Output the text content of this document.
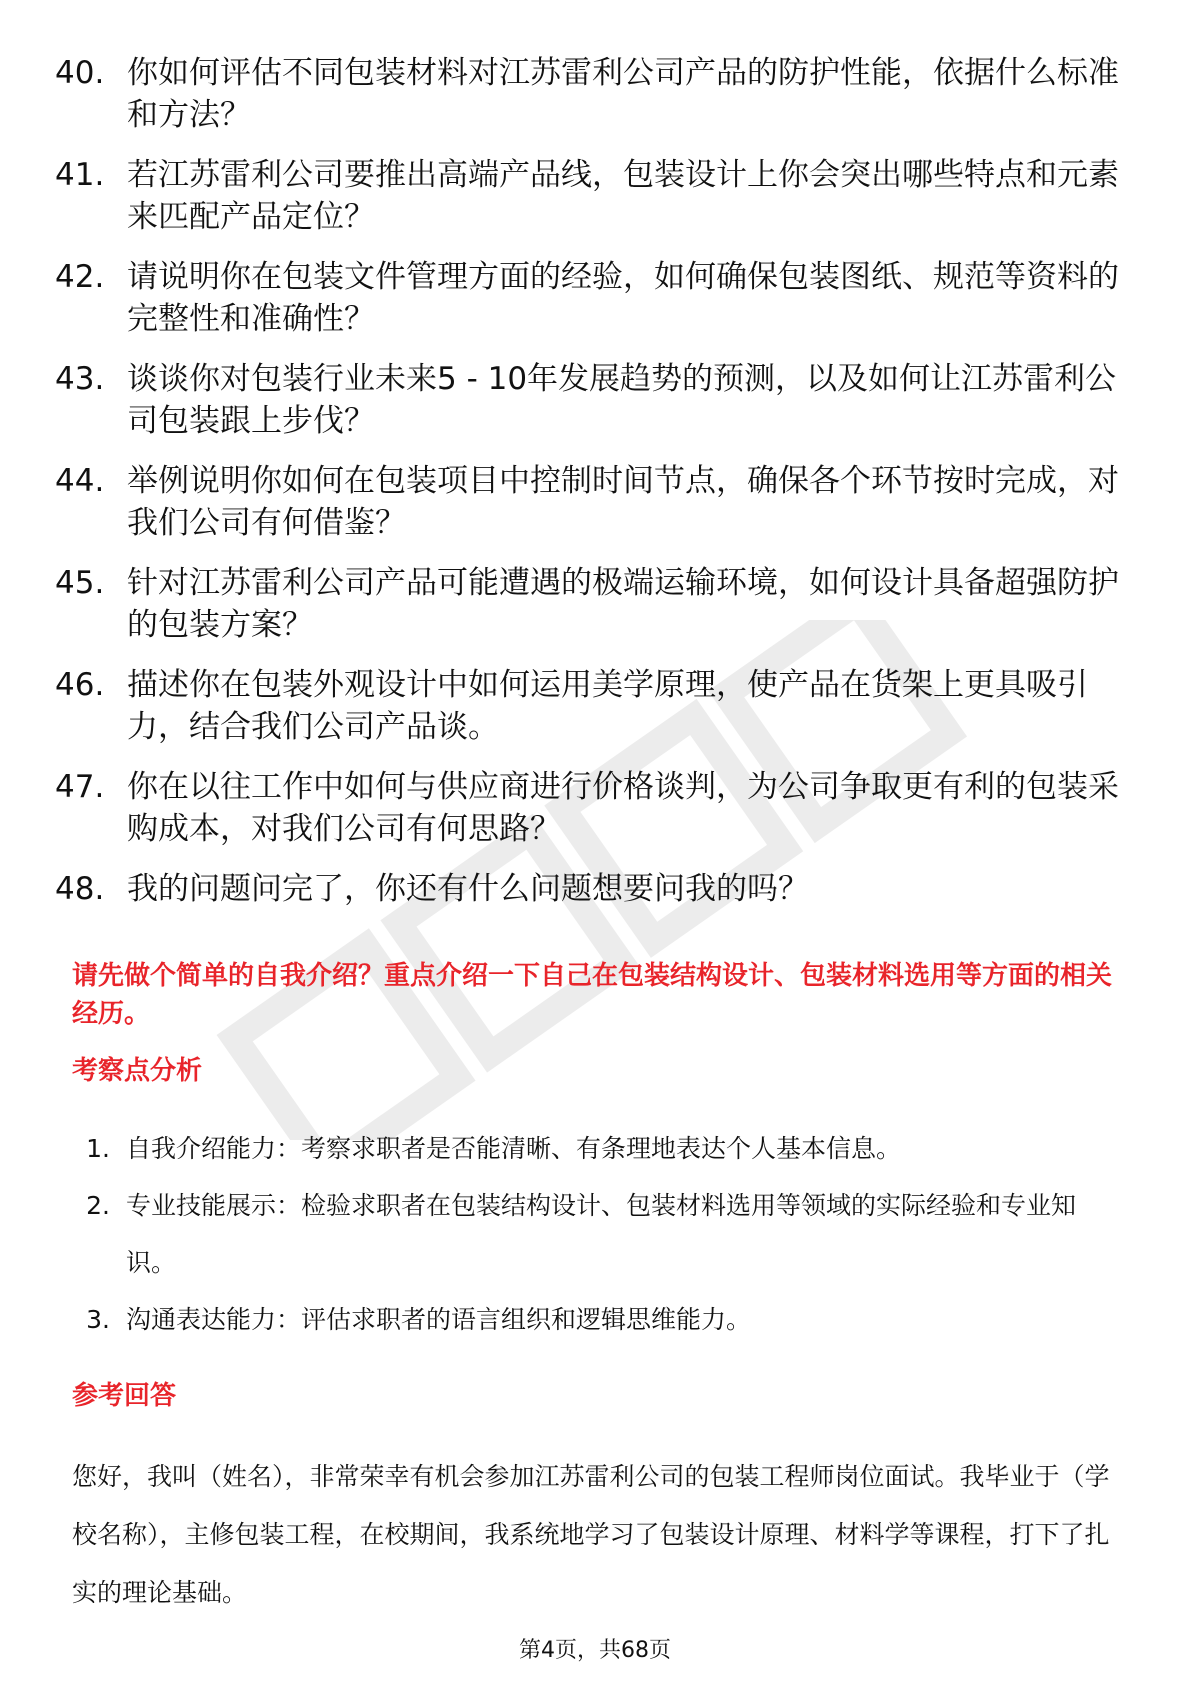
40. 你如何评估不同包装材料对江苏雷利公司产品的防护性能，依据什么标准和方法？
41. 若江苏雷利公司要推出高端产品线，包装设计上你会突出哪些特点和元素来匹配产品定位？
42. 请说明你在包装文件管理方面的经验，如何确保包装图纸、规范等资料的完整性和准确性？
43. 谈谈你对包装行业未来5 - 10年发展趋势的预测，以及如何让江苏雷利公司包装跟上步伐？
44. 举例说明你如何在包装项目中控制时间节点，确保各个环节按时完成，对我们公司有何借鉴？
45. 针对江苏雷利公司产品可能遭遇的极端运输环境，如何设计具备超强防护的包装方案？
46. 描述你在包装外观设计中如何运用美学原理，使产品在货架上更具吸引力，结合我们公司产品谈。
47. 你在以往工作中如何与供应商进行价格谈判，为公司争取更有利的包装采购成本，对我们公司有何思路？
48. 我的问题问完了，你还有什么问题想要问我的吗？

请先做个简单的自我介绍？重点介绍一下自己在包装结构设计、包装材料选用等方面的相关经历。

考察点分析
1. 自我介绍能力：考察求职者是否能清晰、有条理地表达个人基本信息。
2. 专业技能展示：检验求职者在包装结构设计、包装材料选用等领域的实际经验和专业知识。
3. 沟通表达能力：评估求职者的语言组织和逻辑思维能力。
参考回答

您好，我叫（姓名），非常荣幸有机会参加江苏雷利公司的包装工程师岗位面试。我毕业于（学校名称），主修包装工程，在校期间，我系统地学习了包装设计原理、材料学等课程，打下了扎实的理论基础。

第4页，共68页
